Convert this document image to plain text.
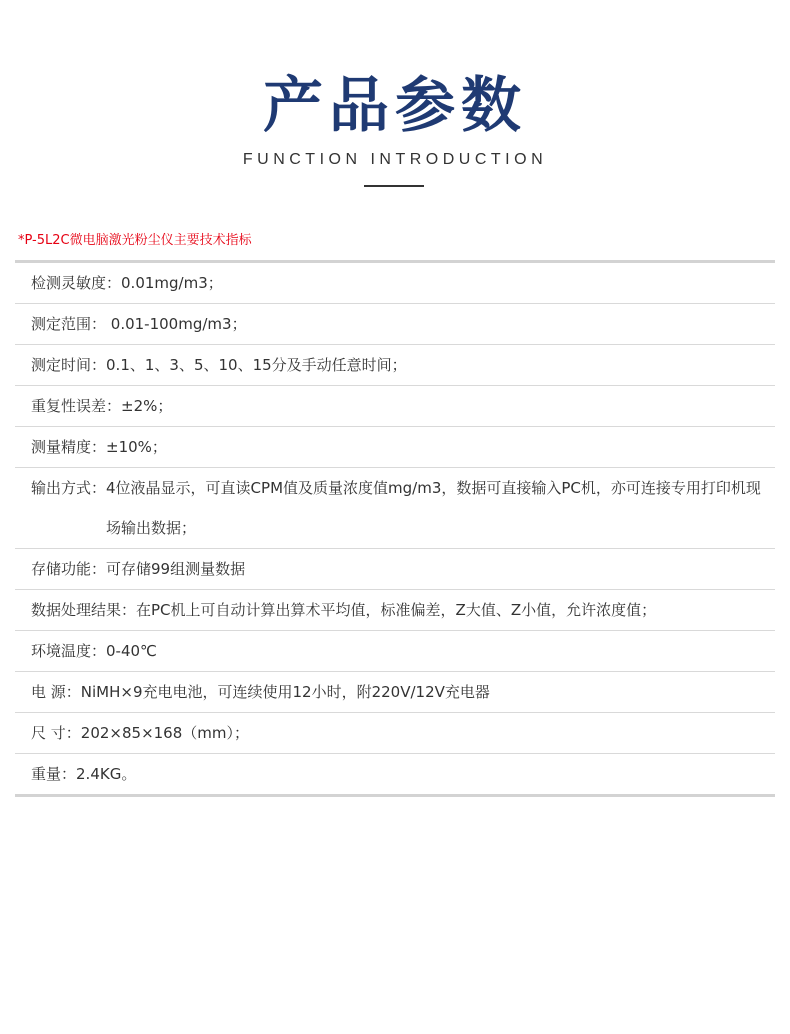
产品参数
FUNCTION INTRODUCTION
*P-5L2C微电脑激光粉尘仪主要技术指标
检测灵敏度： 0.01mg/m3；
测定范围： 0.01-100mg/m3；
测定时间： 0.1、1、3、5、10、15分及手动任意时间；
重复性误差： ±2%；
测量精度： ±10%；
输出方式： 4位液晶显示，可直读CPM值及质量浓度值mg/m3，数据可直接输入PC机，亦可连接专用打印机现场输出数据；
存储功能： 可存储99组测量数据
数据处理结果： 在PC机上可自动计算出算术平均值，标准偏差，Z大值、Z小值，允许浓度值；
环境温度： 0-40℃
电 源： NiMH×9充电电池，可连续使用12小时，附220V/12V充电器
尺 寸： 202×85×168（mm）；
重量： 2.4KG。
